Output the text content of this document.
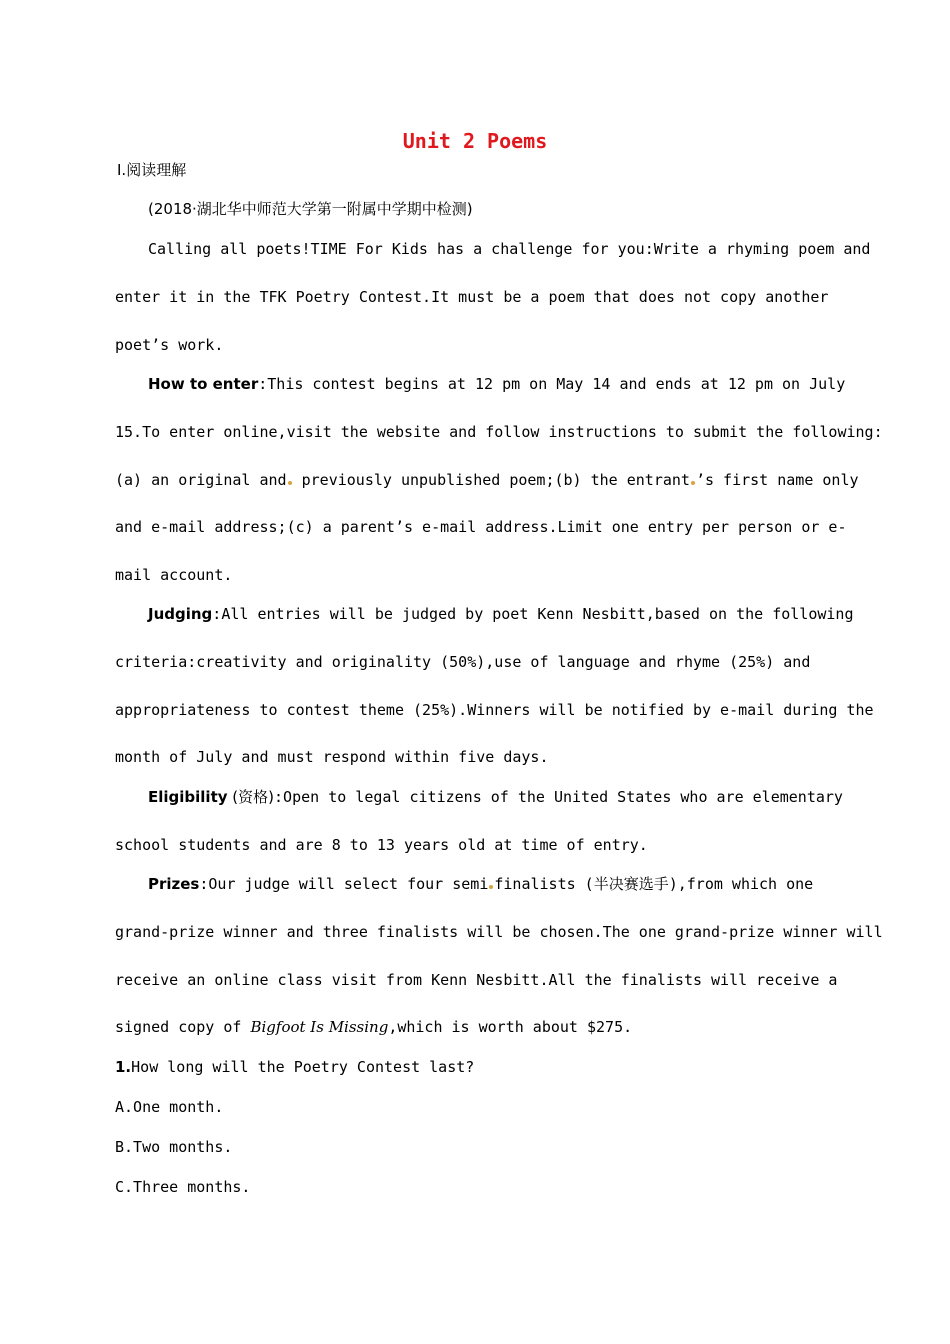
Unit 2 Poems

Ⅰ.阅读理解

(2018·湖北华中师范大学第一附属中学期中检测)

Calling all poets!TIME For Kids has a challenge for you:Write a rhyming poem and

enter it in the TFK Poetry Contest.It must be a poem that does not copy another

poet’s work.

How to enter:This contest begins at 12 pm on May 14 and ends at 12 pm on July

15.To enter online,visit the website and follow instructions to submit the following:

(a) an original and previously unpublished poem;(b) the entrant ’s first name only

and e-mail address;(c) a parent’s e-mail address.Limit one entry per person or e-

mail account.

Judging:All entries will be judged by poet Kenn Nesbitt,based on the following

criteria:creativity and originality (50%),use of language and rhyme (25%) and

appropriateness to contest theme (25%).Winners will be notified by e-mail during the

month of July and must respond within five days.

Eligibility (资格):Open to legal citizens of the United States who are elementary

school students and are 8 to 13 years old at time of entry.

Prizes:Our judge will select four semi finalists (半决赛选手),from which one

grand-prize winner and three finalists will be chosen.The one grand-prize winner will

receive an online class visit from Kenn Nesbitt.All the finalists will receive a

signed copy of Bigfoot Is Missing,which is worth about $275.

1.How long will the Poetry Contest last?

A.One month.

B.Two months.

C.Three months.
